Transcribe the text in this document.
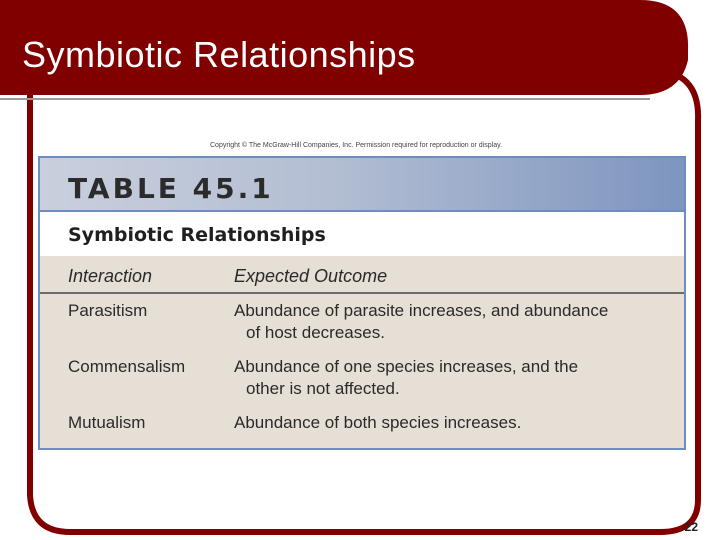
Symbiotic Relationships
Copyright © The McGraw-Hill Companies, Inc. Permission required for reproduction or display.
TABLE 45.1
Symbiotic Relationships
Interaction	Expected Outcome
Parasitism	Abundance of parasite increases, and abundance
of host decreases.
Commensalism	Abundance of one species increases, and the
other is not affected.
Mutualism	Abundance of both species increases.
22
